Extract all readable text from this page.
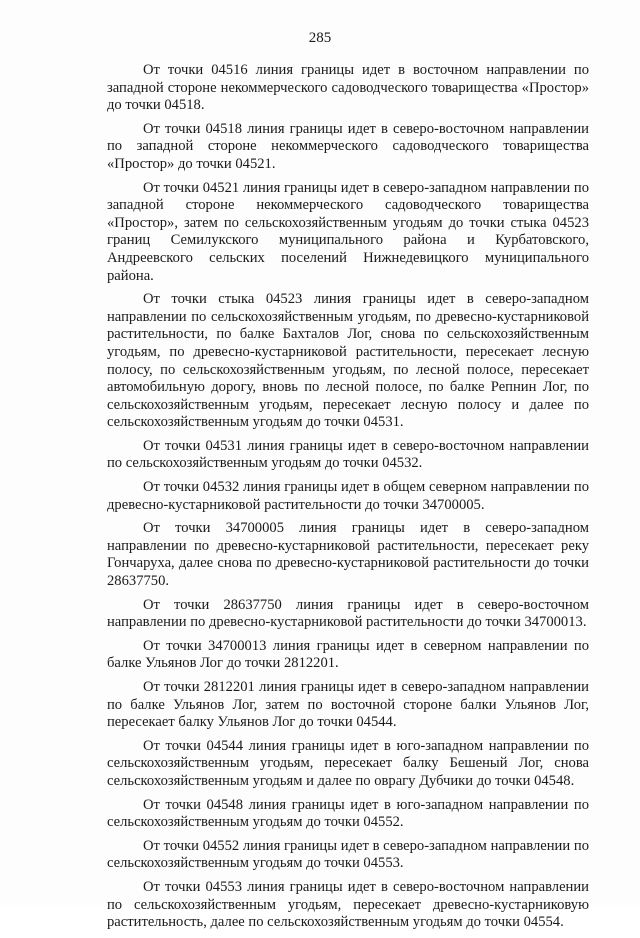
285

От точки 04516 линия границы идет в восточном направлении по западной стороне некоммерческого садоводческого товарищества «Простор» до точки 04518.

От точки 04518 линия границы идет в северо-восточном направлении по западной стороне некоммерческого садоводческого товарищества «Простор» до точки 04521.

От точки 04521 линия границы идет в северо-западном направлении по западной стороне некоммерческого садоводческого товарищества «Простор», затем по сельскохозяйственным угодьям до точки стыка 04523 границ Семилукского муниципального района и Курбатовского, Андреевского сельских поселений Нижнедевицкого муниципального района.

От точки стыка 04523 линия границы идет в северо-западном направлении по сельскохозяйственным угодьям, по древесно-кустарниковой растительности, по балке Бахталов Лог, снова по сельскохозяйственным угодьям, по древесно-кустарниковой растительности, пересекает лесную полосу, по сельскохозяйственным угодьям, по лесной полосе, пересекает автомобильную дорогу, вновь по лесной полосе, по балке Репнин Лог, по сельскохозяйственным угодьям, пересекает лесную полосу и далее по сельскохозяйственным угодьям до точки 04531.

От точки 04531 линия границы идет в северо-восточном направлении по сельскохозяйственным угодьям до точки 04532.

От точки 04532 линия границы идет в общем северном направлении по древесно-кустарниковой растительности до точки 34700005.

От точки 34700005 линия границы идет в северо-западном направлении по древесно-кустарниковой растительности, пересекает реку Гончаруха, далее снова по древесно-кустарниковой растительности до точки 28637750.

От точки 28637750 линия границы идет в северо-восточном направлении по древесно-кустарниковой растительности до точки 34700013.

От точки 34700013 линия границы идет в северном направлении по балке Ульянов Лог до точки 2812201.

От точки 2812201 линия границы идет в северо-западном направлении по балке Ульянов Лог, затем по восточной стороне балки Ульянов Лог, пересекает балку Ульянов Лог до точки 04544.

От точки 04544 линия границы идет в юго-западном направлении по сельскохозяйственным угодьям, пересекает балку Бешеный Лог, снова сельскохозяйственным угодьям и далее по оврагу Дубчики до точки 04548.

От точки 04548 линия границы идет в юго-западном направлении по сельскохозяйственным угодьям до точки 04552.

От точки 04552 линия границы идет в северо-западном направлении по сельскохозяйственным угодьям до точки 04553.

От точки 04553 линия границы идет в северо-восточном направлении по сельскохозяйственным угодьям, пересекает древесно-кустарниковую растительность, далее по сельскохозяйственным угодьям до точки 04554.
